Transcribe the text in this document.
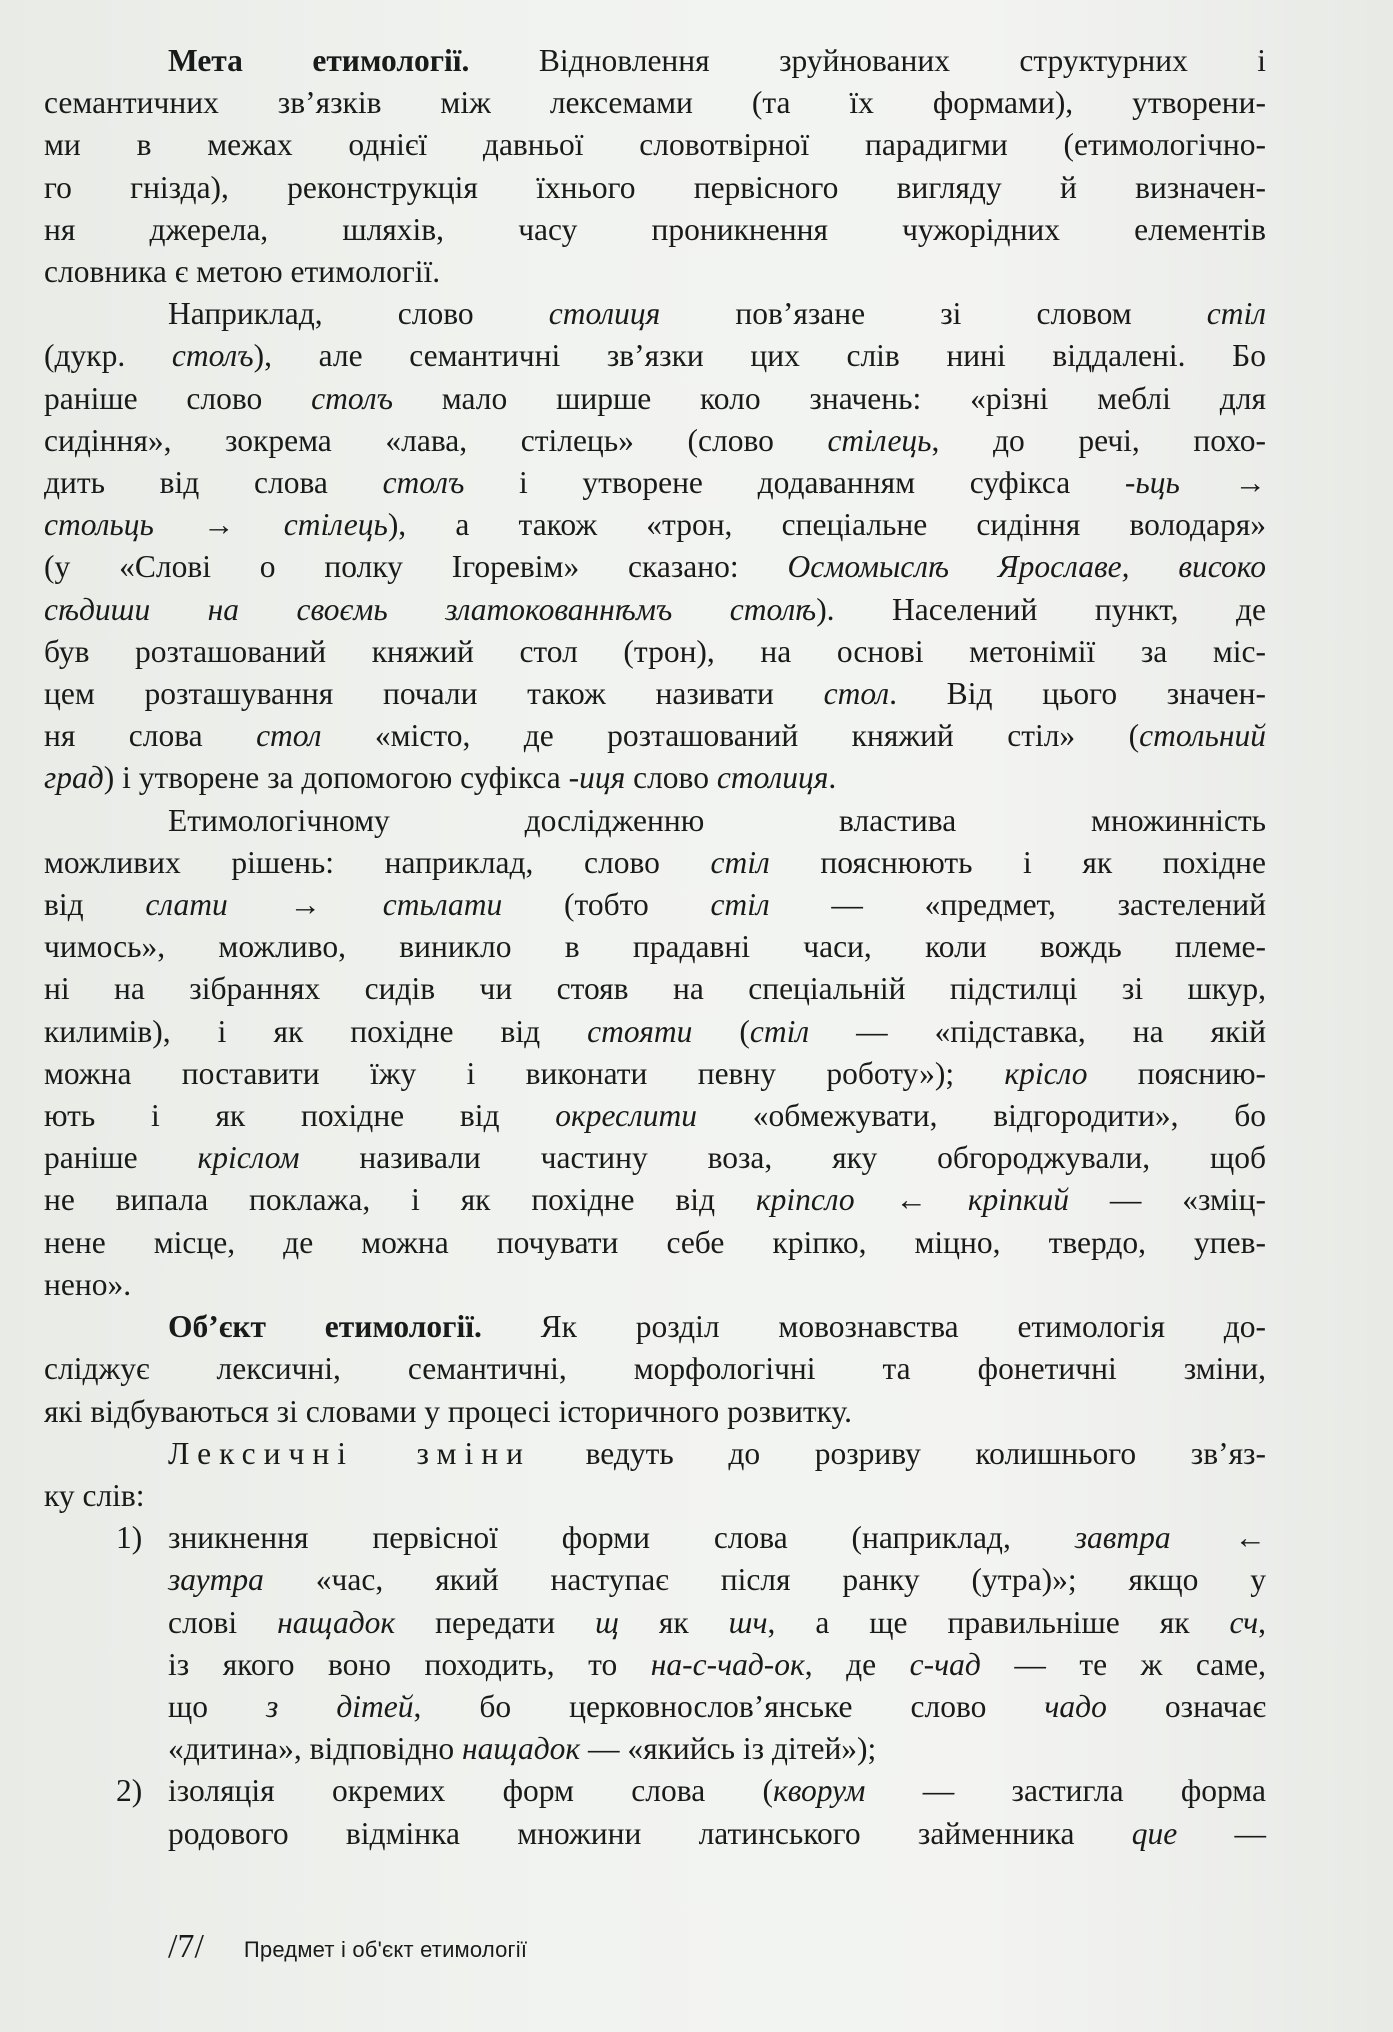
Мета етимології. Відновлення зруйнованих структурних і
семантичних зв’язків між лексемами (та їх формами), утворени-
ми в межах однієї давньої словотвірної парадигми (етимологічно-
го гнізда), реконструкція їхнього первісного вигляду й визначен-
ня джерела, шляхів, часу проникнення чужорідних елементів
словника є метою етимології.
Наприклад, слово столиця пов’язане зі словом стіл
(дукр. столъ), але семантичні зв’язки цих слів нині віддалені. Бо
раніше слово столъ мало ширше коло значень: «різні меблі для
сидіння», зокрема «лава, стілець» (слово стілець, до речі, похо-
дить від слова столъ і утворене додаванням суфікса -ьць →
стольць → стілець), а також «трон, спеціальне сидіння володаря»
(у «Слові о полку Ігоревім» сказано: Осмомыслѣ Ярославе, високо
сѣдиши на своємь златокованнѣмъ столѣ). Населений пункт, де
був розташований княжий стол (трон), на основі метонімії за міс-
цем розташування почали також називати стол. Від цього значен-
ня слова стол «місто, де розташований княжий стіл» (стольний
град) і утворене за допомогою суфікса -иця слово столиця.
Етимологічному дослідженню властива множинність
можливих рішень: наприклад, слово стіл пояснюють і як похідне
від слати → стьлати (тобто стіл — «предмет, застелений
чимось», можливо, виникло в прадавні часи, коли вождь племе-
ні на зібраннях сидів чи стояв на спеціальній підстилці зі шкур,
килимів), і як похідне від стояти (стіл — «підставка, на якій
можна поставити їжу і виконати певну роботу»); крісло пояснию-
ють і як похідне від окреслити «обмежувати, відгородити», бо
раніше кріслом називали частину воза, яку обгороджували, щоб
не випала поклажа, і як похідне від кріпсло ← кріпкий — «зміц-
нене місце, де можна почувати себе кріпко, міцно, твердо, упев-
нено».
Об’єкт етимології. Як розділ мовознавства етимологія до-
сліджує лексичні, семантичні, морфологічні та фонетичні зміни,
які відбуваються зі словами у процесі історичного розвитку.
Лексичні зміни ведуть до розриву колишнього зв’яз-
ку слів:
1) зникнення первісної форми слова (наприклад, завтра ←
заутра «час, який наступає після ранку (утра)»; якщо у
слові нащадок передати щ як шч, а ще правильніше як сч,
із якого воно походить, то на-с-чад-ок, де с-чад — те ж саме,
що з дітей, бо церковнослов’янське слово чадо означає
«дитина», відповідно нащадок — «якийсь із дітей»);
2) ізоляція окремих форм слова (кворум — застигла форма
родового відмінка множини латинського займенника que —
/7/ Предмет і об'єкт етимології
